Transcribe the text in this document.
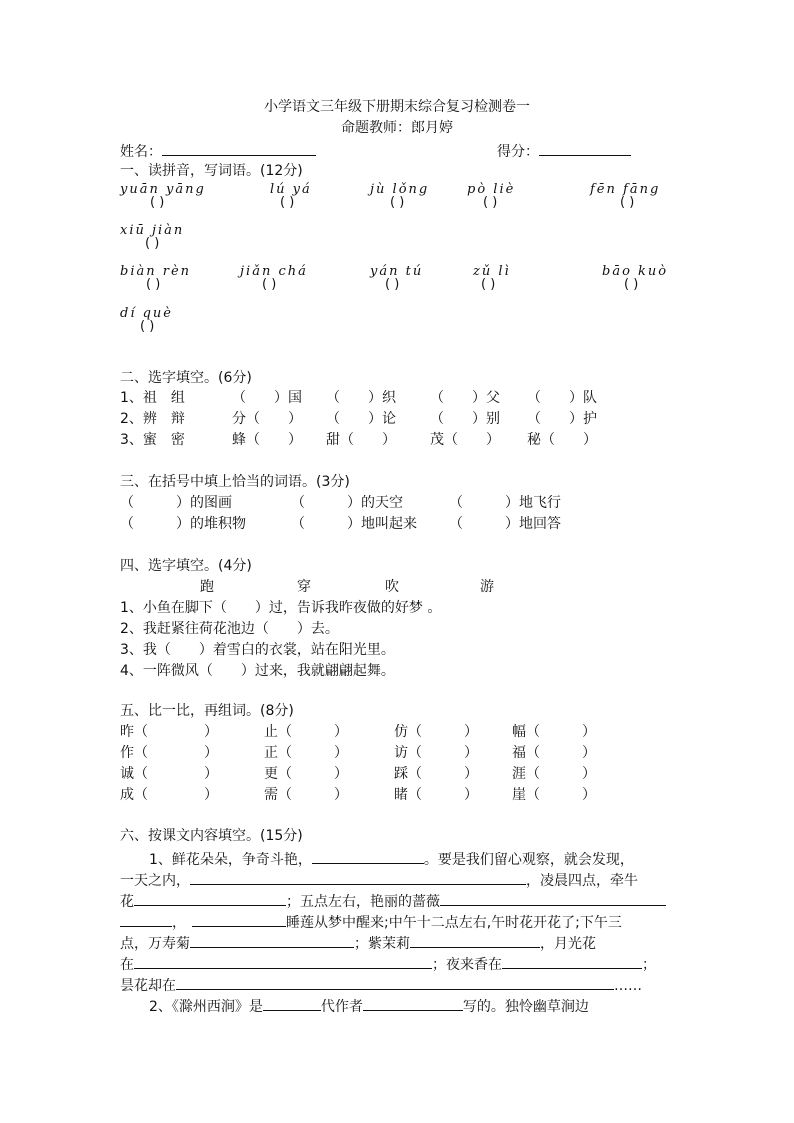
小学语文三年级下册期末综合复习检测卷一
命题教师：郎月婷
姓名：	得分：
一、读拼音，写词语。(12分)
yuān yāng
( )
lú yá
( )
jù lǒng
( )
pò liè
( )
fēn fāng
( )
xiū jiàn
( )
biàn rèn
( )
jiǎn chá
( )
yán tú
( )
zǔ lì
( )
bāo kuò
( )
dí què
( )
二、选字填空。(6分)
1、祖　组	（　　）国 （　　）织 （　　）父 （　　）队
2、辨　辩	分（　　） （　　）论 （　　）别 （　　）护
3、蜜　密	蜂（　　） 甜（　　） 茂（　　） 秘（　　）
三、在括号中填上恰当的词语。(3分)
（　　　）的图画	（　　　）的天空	（　　　）地飞行
（　　　）的堆积物	（　　　）地叫起来 （　　　）地回答
四、选字填空。(4分)
跑	穿	吹	游
1、小鱼在脚下（　　）过，告诉我昨夜做的好梦 。
2、我赶紧往荷花池边（　　）去。
3、我（　　）着雪白的衣裳，站在阳光里。
4、一阵微风（　　）过来，我就翩翩起舞。
五、比一比，再组词。(8分)
昨（　　　　）	止（　　　）	仿（　　　） 幅（　　　）
作（　　　　）	正（　　　）	访（　　　） 福（　　　）
诚（　　　　）	更（　　　）	踩（　　　） 涯（　　　）
成（　　　　）	需（　　　）	睹（　　　） 崖（　　　）
六、按课文内容填空。(15分)
1、鲜花朵朵，争奇斗艳，	。要是我们留心观察，就会发现，
一天之内，	，凌晨四点，牵牛
花	；五点左右，艳丽的蔷薇
，	睡莲从梦中醒来;中午十二点左右,午时花开花了;下午三
点，万寿菊	；紫茉莉	，月光花
在	；夜来香在	；
昙花却在	……
2、《滁州西涧》是	代作者	写的。独怜幽草涧边
